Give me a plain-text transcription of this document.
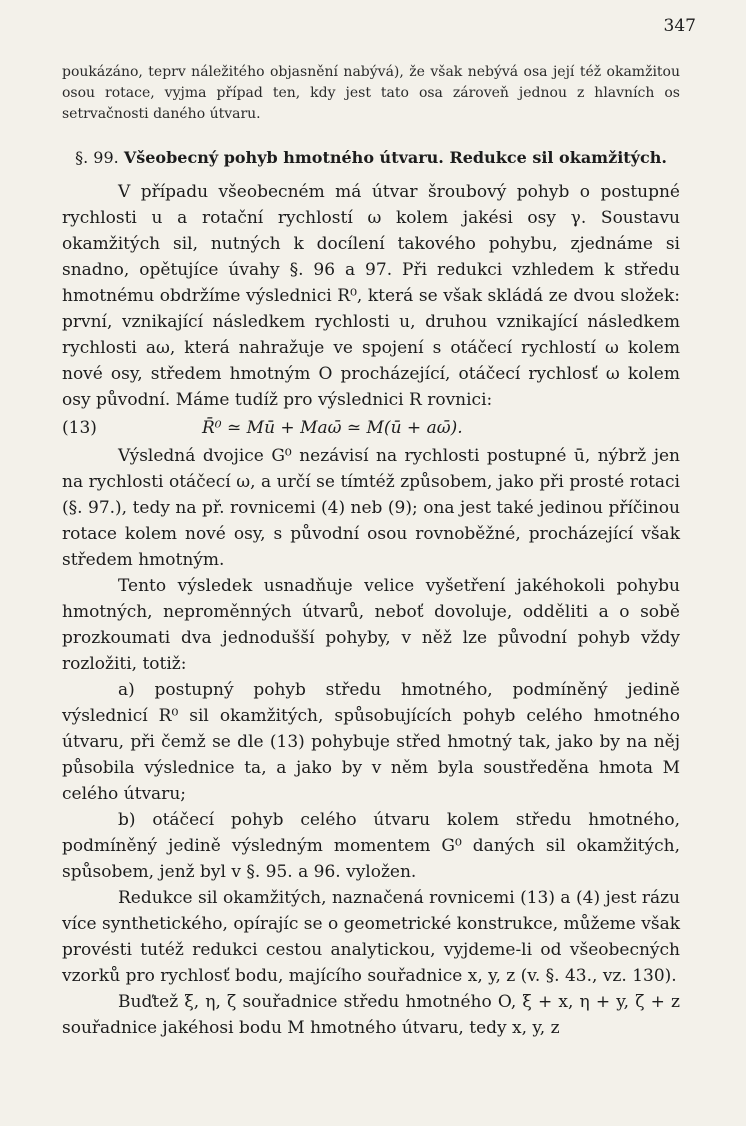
347

poukázáno, teprv náležitého objasnění nabývá), že však nebývá osa její též okamžitou osou rotace, vyjma případ ten, kdy jest tato osa zároveň jednou z hlavních os setrvačnosti daného útvaru.

§. 99. Všeobecný pohyb hmotného útvaru. Redukce sil okamžitých.

V případu všeobecném má útvar šroubový pohyb o postupné rychlosti u a rotační rychlostí ω kolem jakési osy γ. Soustavu okamžitých sil, nutných k docílení takového pohybu, zjednáme si snadno, opětujíce úvahy §. 96 a 97. Při redukci vzhledem k středu hmotnému obdržíme výslednici R⁰, která se však skládá ze dvou složek: první, vznikající následkem rychlosti u, druhou vznikající následkem rychlosti aω, která nahražuje ve spojení s otáčecí rychlostí ω kolem nové osy, středem hmotným O procházející, otáčecí rychlosť ω kolem osy původní. Máme tudíž pro výslednici R rovnici:

(13)	R̄⁰ ≃ Mū + Maω̄ ≃ M(ū + aω̄).

Výsledná dvojice G⁰ nezávisí na rychlosti postupné ū, nýbrž jen na rychlosti otáčecí ω, a určí se tímtéž způsobem, jako při prosté rotaci (§. 97.), tedy na př. rovnicemi (4) neb (9); ona jest také jedinou příčinou rotace kolem nové osy, s původní osou rovnoběžné, procházející však středem hmotným.

Tento výsledek usnadňuje velice vyšetření jakéhokoli pohybu hmotných, neproměnných útvarů, neboť dovoluje, odděliti a o sobě prozkoumati dva jednodušší pohyby, v něž lze původní pohyb vždy rozložiti, totiž:

a) postupný pohyb středu hmotného, podmíněný jedině výslednicí R⁰ sil okamžitých, spůsobujících pohyb celého hmotného útvaru, při čemž se dle (13) pohybuje střed hmotný tak, jako by na něj působila výslednice ta, a jako by v něm byla soustředěna hmota M celého útvaru;

b) otáčecí pohyb celého útvaru kolem středu hmotného, podmíněný jedině výsledným momentem G⁰ daných sil okamžitých, spůsobem, jenž byl v §. 95. a 96. vyložen.

Redukce sil okamžitých, naznačená rovnicemi (13) a (4) jest rázu více synthetického, opírajíc se o geometrické konstrukce, můžeme však provésti tutéž redukci cestou analytickou, vyjdeme-li od všeobecných vzorků pro rychlosť bodu, majícího souřadnice x, y, z (v. §. 43., vz. 130).

Buďtež ξ, η, ζ souřadnice středu hmotného O, ξ + x, η + y, ζ + z souřadnice jakéhosi bodu M hmotného útvaru, tedy x, y, z
